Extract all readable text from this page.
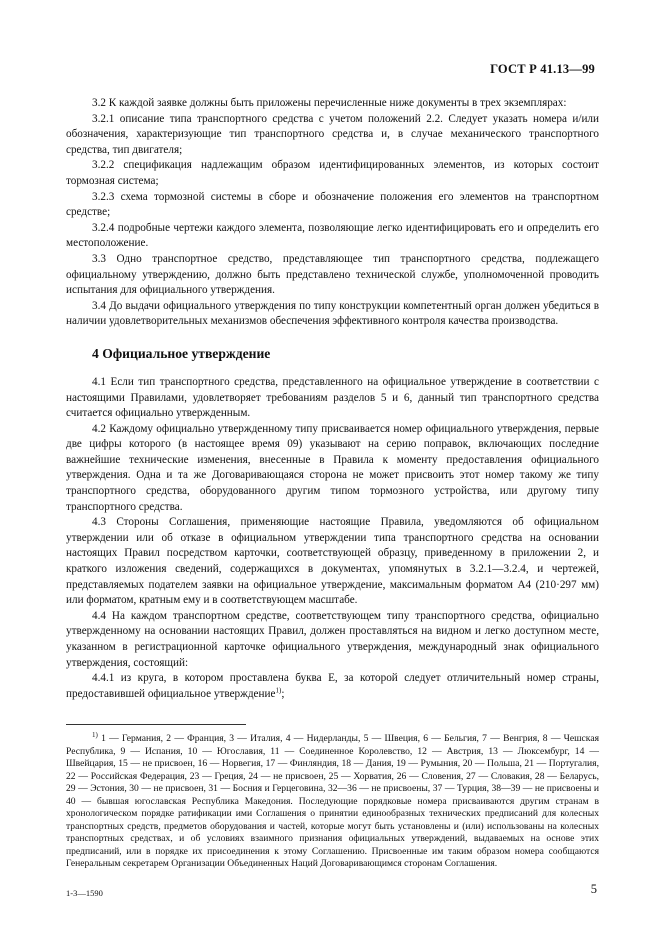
ГОСТ Р 41.13—99

3.2 К каждой заявке должны быть приложены перечисленные ниже документы в трех экземплярах:

3.2.1 описание типа транспортного средства с учетом положений 2.2. Следует указать номера и/или обозначения, характеризующие тип транспортного средства и, в случае механического транспортного средства, тип двигателя;

3.2.2 спецификация надлежащим образом идентифицированных элементов, из которых состоит тормозная система;

3.2.3 схема тормозной системы в сборе и обозначение положения его элементов на транспортном средстве;

3.2.4 подробные чертежи каждого элемента, позволяющие легко идентифицировать его и определить его местоположение.

3.3 Одно транспортное средство, представляющее тип транспортного средства, подлежащего официальному утверждению, должно быть представлено технической службе, уполномоченной проводить испытания для официального утверждения.

3.4 До выдачи официального утверждения по типу конструкции компетентный орган должен убедиться в наличии удовлетворительных механизмов обеспечения эффективного контроля качества производства.

4 Официальное утверждение

4.1 Если тип транспортного средства, представленного на официальное утверждение в соответствии с настоящими Правилами, удовлетворяет требованиям разделов 5 и 6, данный тип транспортного средства считается официально утвержденным.

4.2 Каждому официально утвержденному типу присваивается номер официального утверждения, первые две цифры которого (в настоящее время 09) указывают на серию поправок, включающих последние важнейшие технические изменения, внесенные в Правила к моменту предоставления официального утверждения. Одна и та же Договаривающаяся сторона не может присвоить этот номер такому же типу транспортного средства, оборудованного другим типом тормозного устройства, или другому типу транспортного средства.

4.3 Стороны Соглашения, применяющие настоящие Правила, уведомляются об официальном утверждении или об отказе в официальном утверждении типа транспортного средства на основании настоящих Правил посредством карточки, соответствующей образцу, приведенному в приложении 2, и краткого изложения сведений, содержащихся в документах, упомянутых в 3.2.1—3.2.4, и чертежей, представляемых подателем заявки на официальное утверждение, максимальным форматом А4 (210·297 мм) или форматом, кратным ему и в соответствующем масштабе.

4.4 На каждом транспортном средстве, соответствующем типу транспортного средства, официально утвержденному на основании настоящих Правил, должен проставляться на видном и легко доступном месте, указанном в регистрационной карточке официального утверждения, международный знак официального утверждения, состоящий:

4.4.1 из круга, в котором проставлена буква Е, за которой следует отличительный номер страны, предоставившей официальное утверждение$^{1)}$;

$^{1)}$ 1 — Германия, 2 — Франция, 3 — Италия, 4 — Нидерланды, 5 — Швеция, 6 — Бельгия, 7 — Венгрия, 8 — Чешская Республика, 9 — Испания, 10 — Югославия, 11 — Соединенное Королевство, 12 — Австрия, 13 — Люксембург, 14 — Швейцария, 15 — не присвоен, 16 — Норвегия, 17 — Финляндия, 18 — Дания, 19 — Румыния, 20 — Польша, 21 — Португалия, 22 — Российская Федерация, 23 — Греция, 24 — не присвоен, 25 — Хорватия, 26 — Словения, 27 — Словакия, 28 — Беларусь, 29 — Эстония, 30 — не присвоен, 31 — Босния и Герцеговина, 32—36 — не присвоены, 37 — Турция, 38—39 — не присвоены и 40 — бывшая югославская Республика Македония. Последующие порядковые номера присваиваются другим странам в хронологическом порядке ратификации ими Соглашения о принятии единообразных технических предписаний для колесных транспортных средств, предметов оборудования и частей, которые могут быть установлены и (или) использованы на колесных транспортных средствах, и об условиях взаимного признания официальных утверждений, выдаваемых на основе этих предписаний, или в порядке их присоединения к этому Соглашению. Присвоенные им таким образом номера сообщаются Генеральным секретарем Организации Объединенных Наций Договаривающимся сторонам Соглашения.

1-3—1590	5
